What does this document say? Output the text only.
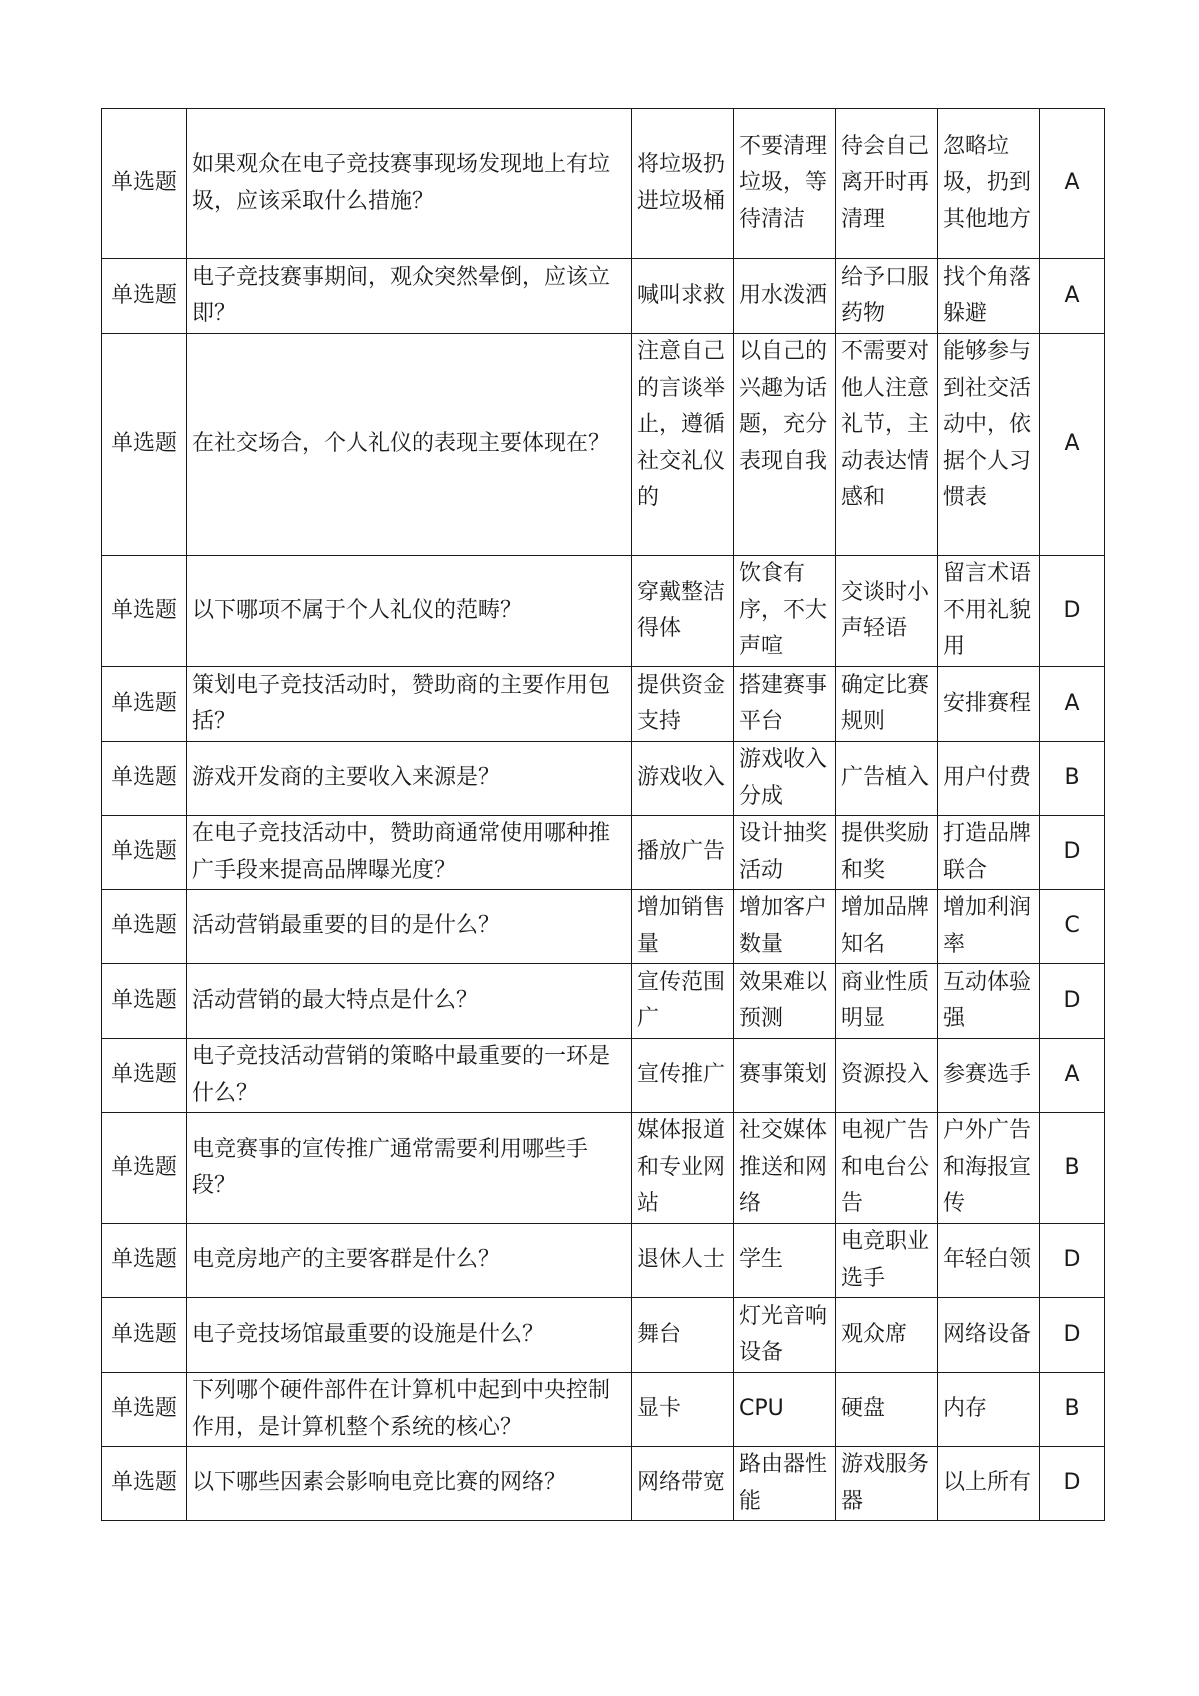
单选题	如果观众在电子竞技赛事现场发现地上有垃圾，应该采取什么措施？	将垃圾扔进垃圾桶	不要清理垃圾，等待清洁	待会自己离开时再清理	忽略垃圾，扔到其他地方	A
单选题	电子竞技赛事期间，观众突然晕倒，应该立即？	喊叫求救	用水泼洒	给予口服药物	找个角落躲避	A
单选题	在社交场合，个人礼仪的表现主要体现在？	注意自己的言谈举止，遵循社交礼仪的	以自己的兴趣为话题，充分表现自我	不需要对他人注意礼节，主动表达情感和	能够参与到社交活动中，依据个人习惯表	A
单选题	以下哪项不属于个人礼仪的范畴？	穿戴整洁得体	饮食有序，不大声喧	交谈时小声轻语	留言术语不用礼貌用	D
单选题	策划电子竞技活动时，赞助商的主要作用包括？	提供资金支持	搭建赛事平台	确定比赛规则	安排赛程	A
单选题	游戏开发商的主要收入来源是？	游戏收入	游戏收入分成	广告植入	用户付费	B
单选题	在电子竞技活动中，赞助商通常使用哪种推广手段来提高品牌曝光度？	播放广告	设计抽奖活动	提供奖励和奖	打造品牌联合	D
单选题	活动营销最重要的目的是什么？	增加销售量	增加客户数量	增加品牌知名	增加利润率	C
单选题	活动营销的最大特点是什么？	宣传范围广	效果难以预测	商业性质明显	互动体验强	D
单选题	电子竞技活动营销的策略中最重要的一环是什么？	宣传推广	赛事策划	资源投入	参赛选手	A
单选题	电竞赛事的宣传推广通常需要利用哪些手段？	媒体报道和专业网站	社交媒体推送和网络	电视广告和电台公告	户外广告和海报宣传	B
单选题	电竞房地产的主要客群是什么？	退休人士	学生	电竞职业选手	年轻白领	D
单选题	电子竞技场馆最重要的设施是什么？	舞台	灯光音响设备	观众席	网络设备	D
单选题	下列哪个硬件部件在计算机中起到中央控制作用，是计算机整个系统的核心？	显卡	CPU	硬盘	内存	B
单选题	以下哪些因素会影响电竞比赛的网络？	网络带宽	路由器性能	游戏服务器	以上所有	D
